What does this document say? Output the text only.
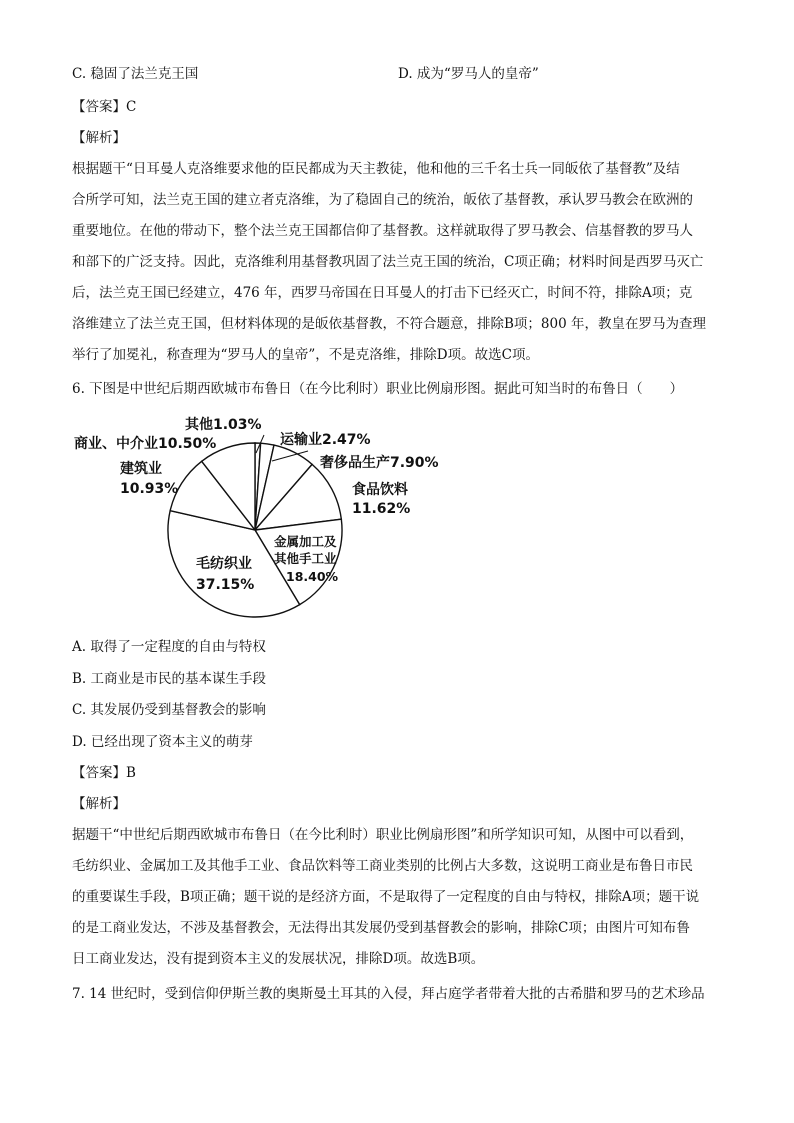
C. 稳固了法兰克王国	D. 成为“罗马人的皇帝”
【答案】C
【解析】
根据题干“日耳曼人克洛维要求他的臣民都成为天主教徒，他和他的三千名士兵一同皈依了基督教”及结
合所学可知，法兰克王国的建立者克洛维，为了稳固自己的统治，皈依了基督教，承认罗马教会在欧洲的
重要地位。在他的带动下，整个法兰克王国都信仰了基督教。这样就取得了罗马教会、信基督教的罗马人
和部下的广泛支持。因此，克洛维利用基督教巩固了法兰克王国的统治，C项正确；材料时间是西罗马灭亡
后，法兰克王国已经建立，476 年，西罗马帝国在日耳曼人的打击下已经灭亡，时间不符，排除A项；克
洛维建立了法兰克王国，但材料体现的是皈依基督教，不符合题意，排除B项；800 年，教皇在罗马为查理
举行了加冕礼，称查理为“罗马人的皇帝”，不是克洛维，排除D项。故选C项。
6. 下图是中世纪后期西欧城市布鲁日（在今比利时）职业比例扇形图。据此可知当时的布鲁日（　　）
其他1.03%
运输业2.47%
奢侈品生产7.90%
食品饮料
11.62%
金属加工及
其他手工业
18.40%
毛纺织业
37.15%
建筑业
10.93%
商业、中介业10.50%
A. 取得了一定程度的自由与特权
B. 工商业是市民的基本谋生手段
C. 其发展仍受到基督教会的影响
D. 已经出现了资本主义的萌芽
【答案】B
【解析】
据题干“中世纪后期西欧城市布鲁日（在今比利时）职业比例扇形图”和所学知识可知，从图中可以看到，
毛纺织业、金属加工及其他手工业、食品饮料等工商业类别的比例占大多数，这说明工商业是布鲁日市民
的重要谋生手段，B项正确；题干说的是经济方面，不是取得了一定程度的自由与特权，排除A项；题干说
的是工商业发达，不涉及基督教会，无法得出其发展仍受到基督教会的影响，排除C项；由图片可知布鲁
日工商业发达，没有提到资本主义的发展状况，排除D项。故选B项。
7. 14 世纪时，受到信仰伊斯兰教的奥斯曼土耳其的入侵，拜占庭学者带着大批的古希腊和罗马的艺术珍品
